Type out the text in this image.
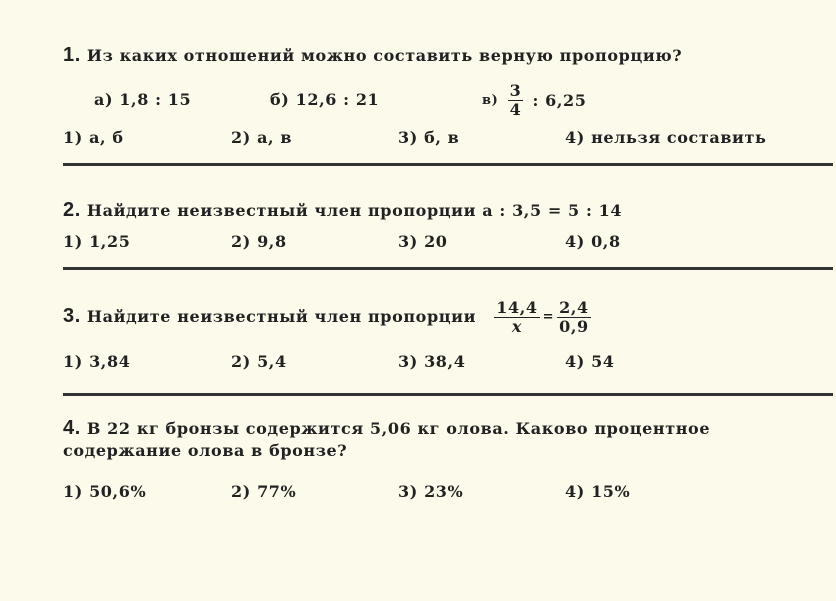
1. Из каких отношений можно составить верную пропорцию?
а) 1,8 : 15	б) 12,6 : 21	$в) \frac{3}{4}$ : 6,25
1) а, б	2) а, в	3) б, в	4) нельзя составить
2. Найдите неизвестный член пропорции а : 3,5 = 5 : 14
1) 1,25	2) 9,8	3) 20	4) 0,8
3. Найдите неизвестный член пропорции $\frac{14,4}{x} = \frac{2,4}{0,9}$
1) 3,84	2) 5,4	3) 38,4	4) 54
4. В 22 кг бронзы содержится 5,06 кг олова. Каково процентное
содержание олова в бронзе?
1) 50,6%	2) 77%	3) 23%	4) 15%
